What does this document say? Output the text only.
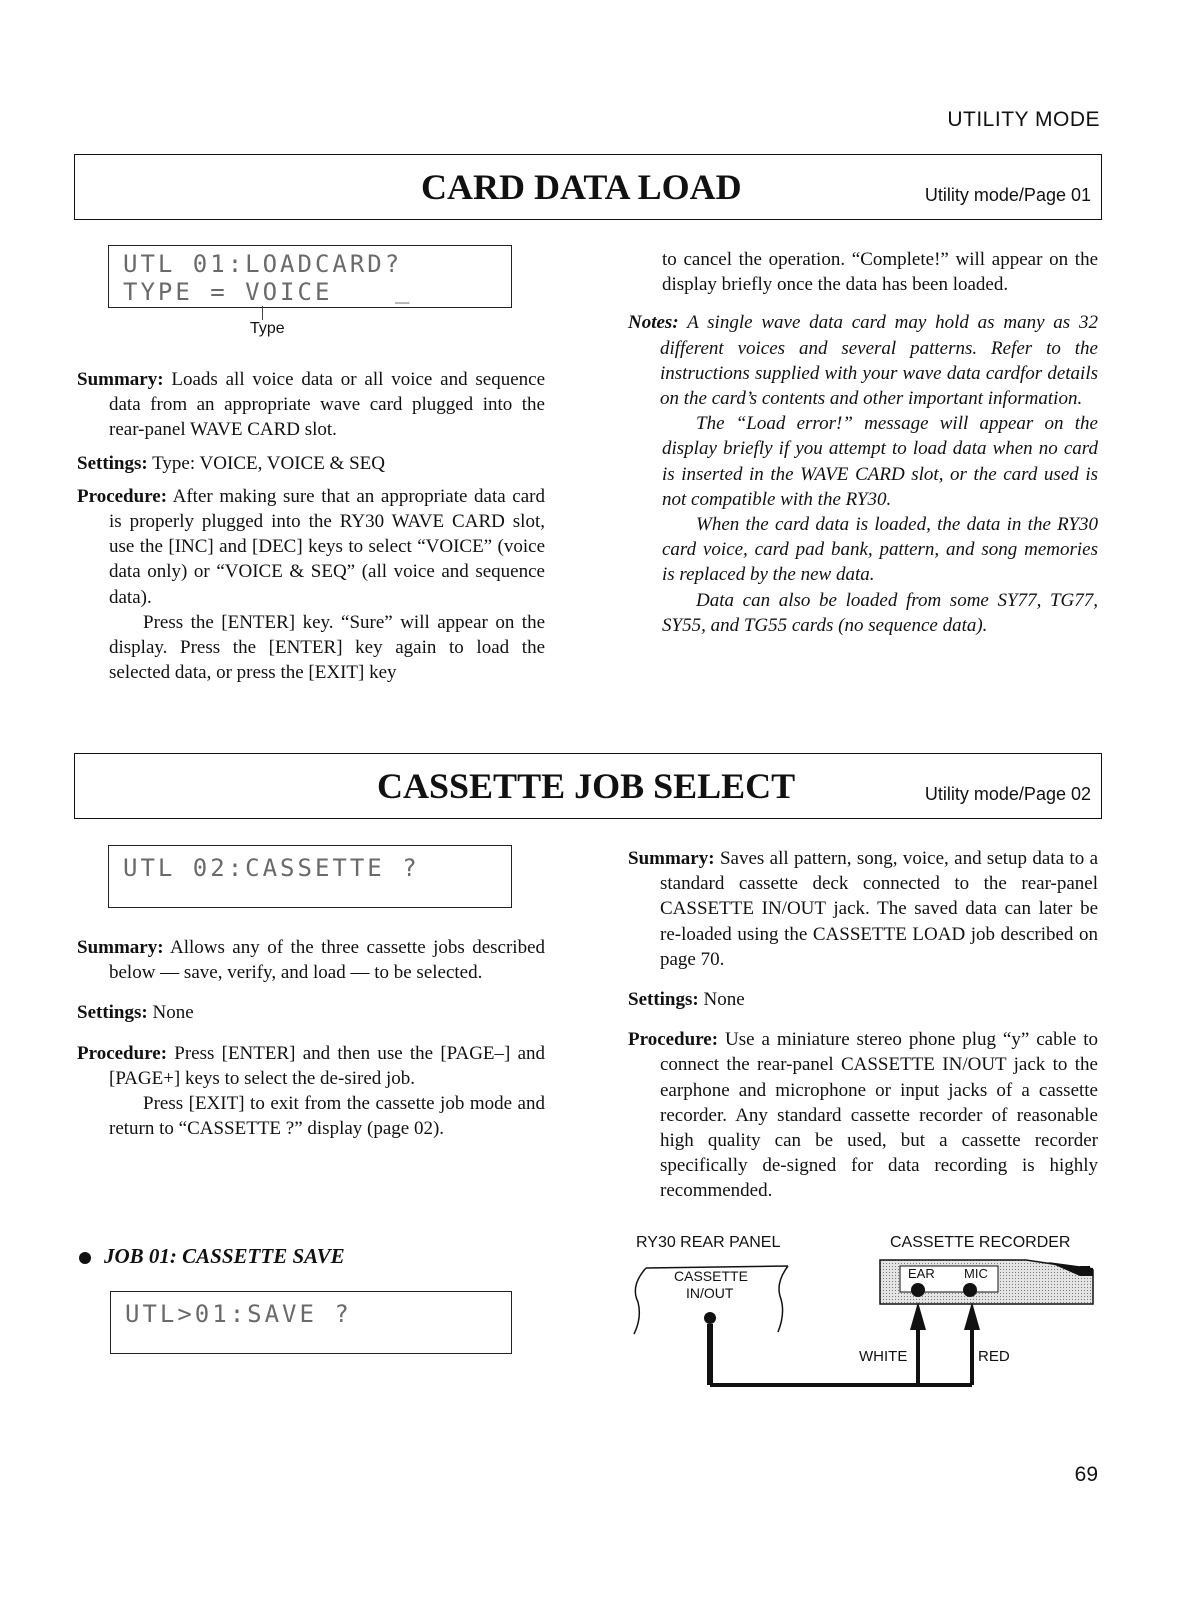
UTILITY MODE
CARD DATA LOAD	Utility mode/Page 01
UTL 01:LOADCARD?
TYPE = VOICE	_
Type

Summary: Loads all voice data or all voice and sequence data from an appropriate wave card plugged into the rear-panel WAVE CARD slot.

Settings: Type: VOICE, VOICE & SEQ

Procedure: After making sure that an appropriate data card is properly plugged into the RY30 WAVE CARD slot, use the [INC] and [DEC] keys to select “VOICE” (voice data only) or “VOICE & SEQ” (all voice and sequence data).

Press the [ENTER] key. “Sure” will appear on the display. Press the [ENTER] key again to load the selected data, or press the [EXIT] key

to cancel the operation. “Complete!” will appear on the display briefly once the data has been loaded.

Notes: A single wave data card may hold as many as 32 different voices and several patterns. Refer to the instructions supplied with your wave data cardfor details on the card’s contents and other important information.

The “Load error!” message will appear on the display briefly if you attempt to load data when no card is inserted in the WAVE CARD slot, or the card used is not compatible with the RY30.

When the card data is loaded, the data in the RY30 card voice, card pad bank, pattern, and song memories is replaced by the new data.

Data can also be loaded from some SY77, TG77, SY55, and TG55 cards (no sequence data).

CASSETTE JOB SELECT	Utility mode/Page 02
UTL 02:CASSETTE ?

Summary: Allows any of the three cassette jobs described below — save, verify, and load — to be selected.

Settings: None

Procedure: Press [ENTER] and then use the [PAGE–] and [PAGE+] keys to select the de-sired job.

Press [EXIT] to exit from the cassette job mode and return to “CASSETTE ?” display (page 02).

JOB 01: CASSETTE SAVE
UTL>01:SAVE ?

Summary: Saves all pattern, song, voice, and setup data to a standard cassette deck connected to the rear-panel CASSETTE IN/OUT jack. The saved data can later be re-loaded using the CASSETTE LOAD job described on page 70.

Settings: None

Procedure: Use a miniature stereo phone plug “y” cable to connect the rear-panel CASSETTE IN/OUT jack to the earphone and microphone or input jacks of a cassette recorder. Any standard cassette recorder of reasonable high quality can be used, but a cassette recorder specifically de-signed for data recording is highly recommended.

RY30 REAR PANEL	CASSETTE RECORDER
CASSETTE
IN/OUT
EAR MIC
WHITE	RED
69
